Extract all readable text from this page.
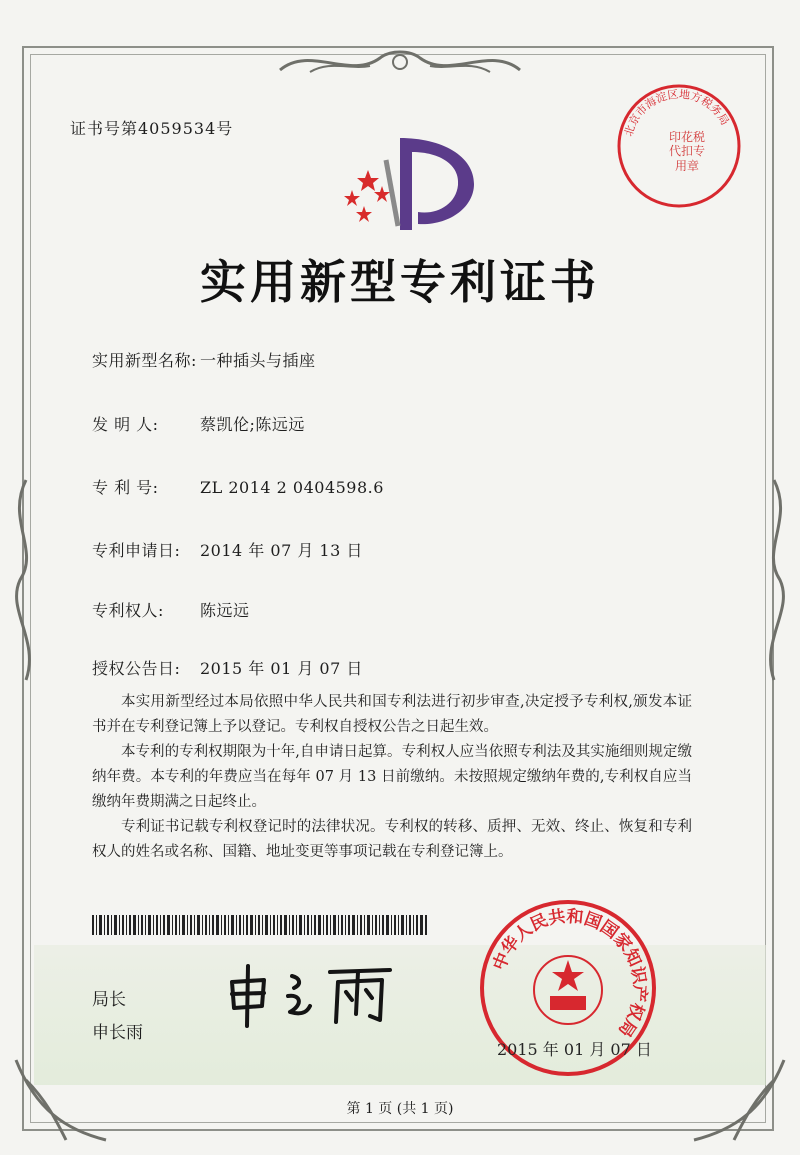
证书号第4059534号	北京市海淀区地方税务局
印花税代扣专用章
实用新型专利证书
实用新型名称: 一种插头与插座
发 明 人:	蔡凯伦;陈远远
专 利 号:	ZL 2014 2 0404598.6
专利申请日: 2014 年 07 月 13 日
专利权人: 陈远远
授权公告日: 2015 年 01 月 07 日

本实用新型经过本局依照中华人民共和国专利法进行初步审查,决定授予专利权,颁发本证书并在专利登记簿上予以登记。专利权自授权公告之日起生效。

本专利的专利权期限为十年,自申请日起算。专利权人应当依照专利法及其实施细则规定缴纳年费。本专利的年费应当在每年 07 月 13 日前缴纳。未按照规定缴纳年费的,专利权自应当缴纳年费期满之日起终止。

专利证书记载专利权登记时的法律状况。专利权的转移、质押、无效、终止、恢复和专利权人的姓名或名称、国籍、地址变更等事项记载在专利登记簿上。

局长
申长雨
中华人民共和国国家知识产权局
2015 年 01 月 07 日
第 1 页 (共 1 页)
